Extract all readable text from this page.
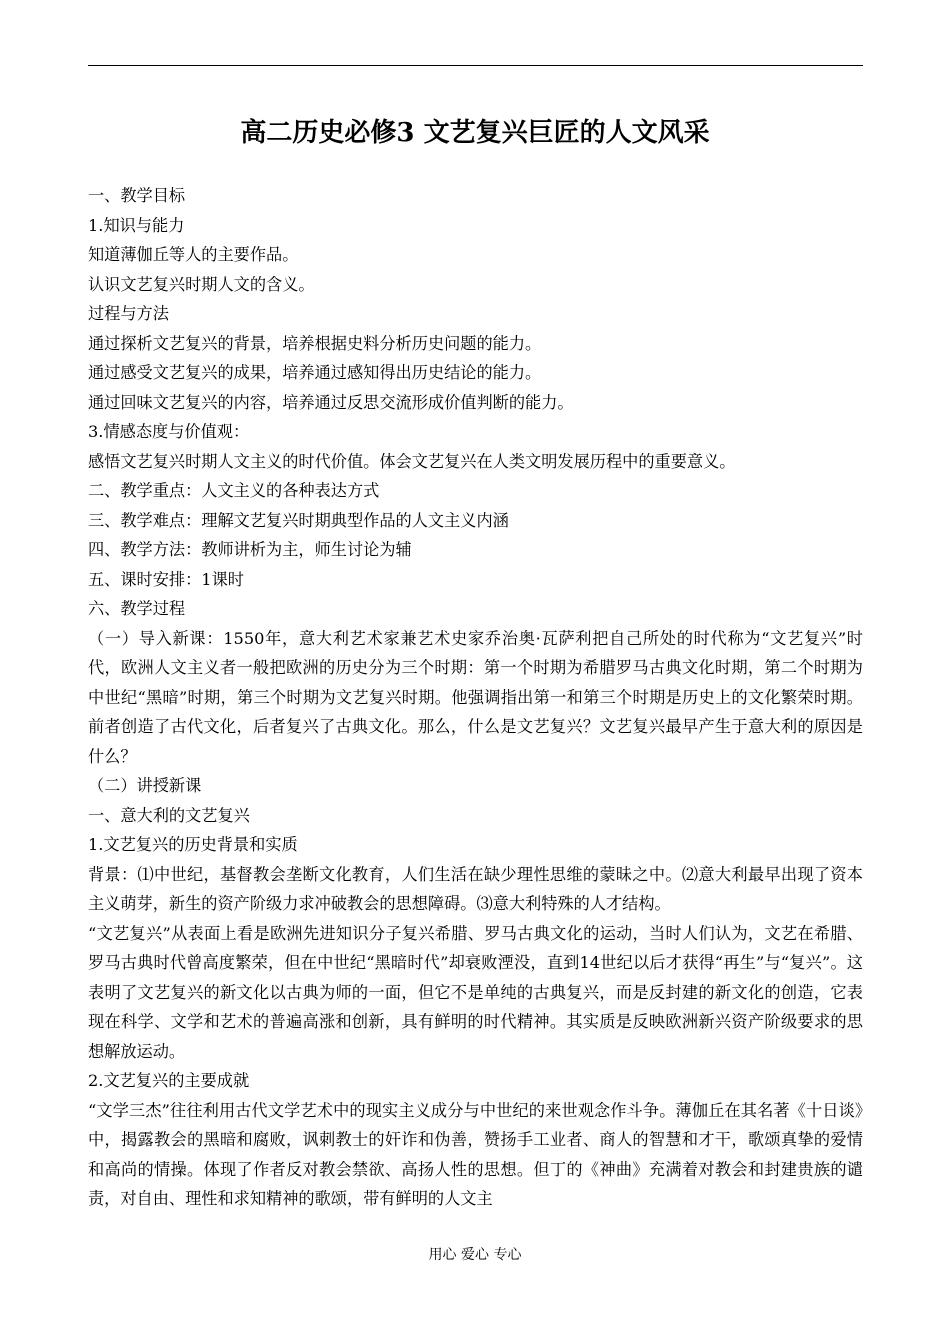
高二历史必修3 文艺复兴巨匠的人文风采

一、教学目标

1.知识与能力

知道薄伽丘等人的主要作品。

认识文艺复兴时期人文的含义。

过程与方法

通过探析文艺复兴的背景，培养根据史料分析历史问题的能力。

通过感受文艺复兴的成果，培养通过感知得出历史结论的能力。

通过回味文艺复兴的内容，培养通过反思交流形成价值判断的能力。

3.情感态度与价值观：

感悟文艺复兴时期人文主义的时代价值。体会文艺复兴在人类文明发展历程中的重要意义。

二、教学重点：人文主义的各种表达方式

三、教学难点：理解文艺复兴时期典型作品的人文主义内涵

四、教学方法：教师讲析为主，师生讨论为辅

五、课时安排：1课时

六、教学过程

（一）导入新课：1550年，意大利艺术家兼艺术史家乔治奥·瓦萨利把自己所处的时代称为“文艺复兴”时代，欧洲人文主义者一般把欧洲的历史分为三个时期：第一个时期为希腊罗马古典文化时期，第二个时期为中世纪“黑暗”时期，第三个时期为文艺复兴时期。他强调指出第一和第三个时期是历史上的文化繁荣时期。前者创造了古代文化，后者复兴了古典文化。那么，什么是文艺复兴？文艺复兴最早产生于意大利的原因是什么？

（二）讲授新课

一、意大利的文艺复兴

1.文艺复兴的历史背景和实质

背景：⑴中世纪，基督教会垄断文化教育，人们生活在缺少理性思维的蒙昧之中。⑵意大利最早出现了资本主义萌芽，新生的资产阶级力求冲破教会的思想障碍。⑶意大利特殊的人才结构。

“文艺复兴”从表面上看是欧洲先进知识分子复兴希腊、罗马古典文化的运动，当时人们认为，文艺在希腊、罗马古典时代曾高度繁荣，但在中世纪“黑暗时代”却衰败湮没，直到14世纪以后才获得“再生”与“复兴”。这表明了文艺复兴的新文化以古典为师的一面，但它不是单纯的古典复兴，而是反封建的新文化的创造，它表现在科学、文学和艺术的普遍高涨和创新，具有鲜明的时代精神。其实质是反映欧洲新兴资产阶级要求的思想解放运动。

2.文艺复兴的主要成就

“文学三杰”往往利用古代文学艺术中的现实主义成分与中世纪的来世观念作斗争。薄伽丘在其名著《十日谈》中，揭露教会的黑暗和腐败，讽刺教士的奸诈和伪善，赞扬手工业者、商人的智慧和才干，歌颂真挚的爱情和高尚的情操。体现了作者反对教会禁欲、高扬人性的思想。但丁的《神曲》充满着对教会和封建贵族的谴责，对自由、理性和求知精神的歌颂，带有鲜明的人文主

用心 爱心 专心
